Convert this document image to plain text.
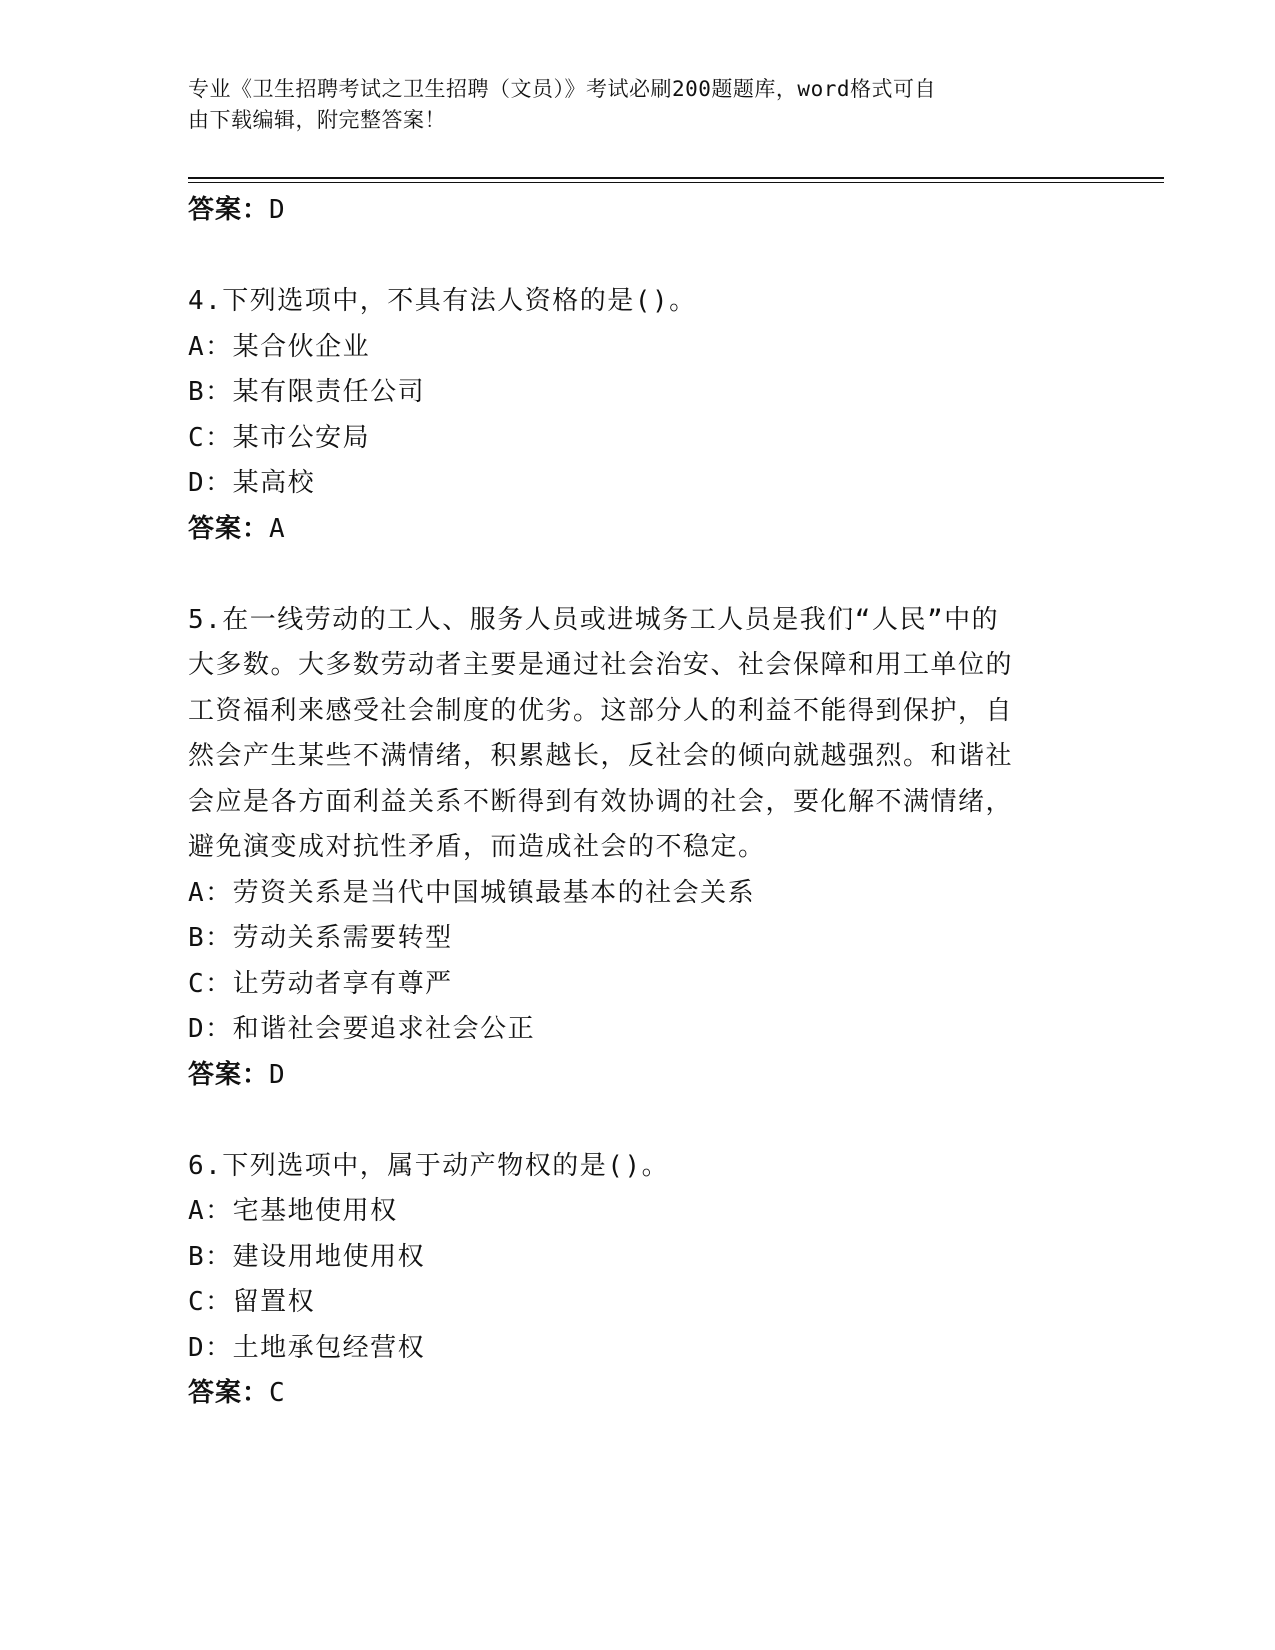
专业《卫生招聘考试之卫生招聘（文员）》考试必刷200题题库，word格式可自
由下载编辑，附完整答案！
答案：D
4.下列选项中，不具有法人资格的是()。
A：某合伙企业
B：某有限责任公司
C：某市公安局
D：某高校
答案：A
5.在一线劳动的工人、服务人员或进城务工人员是我们“人民”中的
大多数。大多数劳动者主要是通过社会治安、社会保障和用工单位的
工资福利来感受社会制度的优劣。这部分人的利益不能得到保护，自
然会产生某些不满情绪，积累越长，反社会的倾向就越强烈。和谐社
会应是各方面利益关系不断得到有效协调的社会，要化解不满情绪，
避免演变成对抗性矛盾，而造成社会的不稳定。
A：劳资关系是当代中国城镇最基本的社会关系
B：劳动关系需要转型
C：让劳动者享有尊严
D：和谐社会要追求社会公正
答案：D
6.下列选项中，属于动产物权的是()。
A：宅基地使用权
B：建设用地使用权
C：留置权
D：土地承包经营权
答案：C
